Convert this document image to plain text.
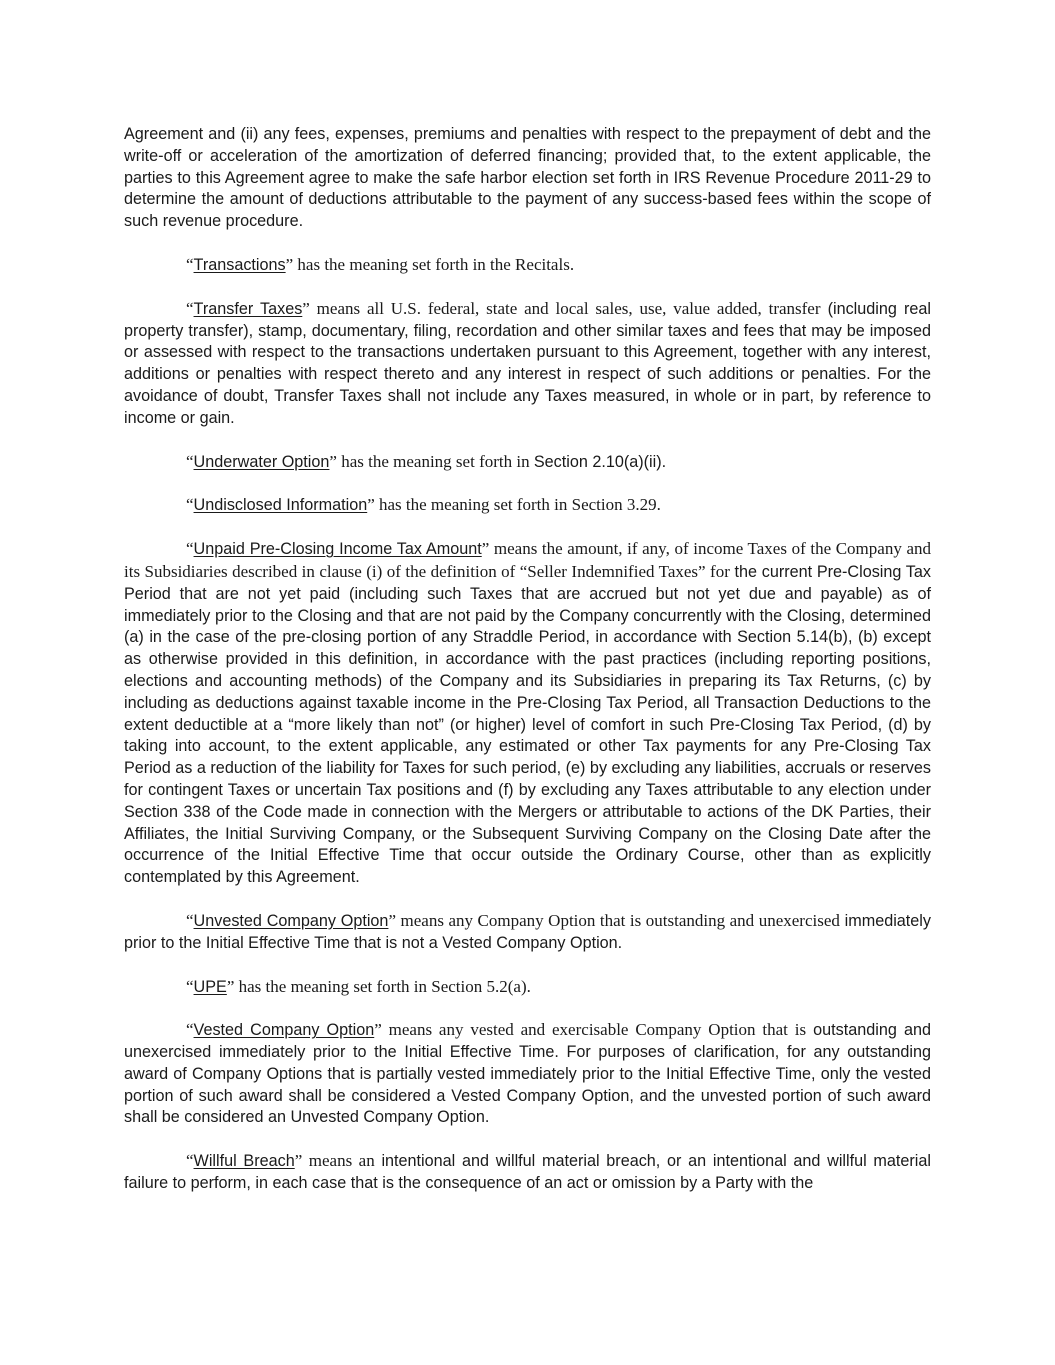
Agreement and (ii) any fees, expenses, premiums and penalties with respect to the prepayment of debt and the write-off or acceleration of the amortization of deferred financing; provided that, to the extent applicable, the parties to this Agreement agree to make the safe harbor election set forth in IRS Revenue Procedure 2011-29 to determine the amount of deductions attributable to the payment of any success-based fees within the scope of such revenue procedure.

“Transactions” has the meaning set forth in the Recitals.

“Transfer Taxes” means all U.S. federal, state and local sales, use, value added, transfer (including real property transfer), stamp, documentary, filing, recordation and other similar taxes and fees that may be imposed or assessed with respect to the transactions undertaken pursuant to this Agreement, together with any interest, additions or penalties with respect thereto and any interest in respect of such additions or penalties. For the avoidance of doubt, Transfer Taxes shall not include any Taxes measured, in whole or in part, by reference to income or gain.

“Underwater Option” has the meaning set forth in Section 2.10(a)(ii).

“Undisclosed Information” has the meaning set forth in Section 3.29.

“Unpaid Pre-Closing Income Tax Amount” means the amount, if any, of income Taxes of the Company and its Subsidiaries described in clause (i) of the definition of “Seller Indemnified Taxes” for the current Pre-Closing Tax Period that are not yet paid (including such Taxes that are accrued but not yet due and payable) as of immediately prior to the Closing and that are not paid by the Company concurrently with the Closing, determined (a) in the case of the pre-closing portion of any Straddle Period, in accordance with Section 5.14(b), (b) except as otherwise provided in this definition, in accordance with the past practices (including reporting positions, elections and accounting methods) of the Company and its Subsidiaries in preparing its Tax Returns, (c) by including as deductions against taxable income in the Pre-Closing Tax Period, all Transaction Deductions to the extent deductible at a “more likely than not” (or higher) level of comfort in such Pre-Closing Tax Period, (d) by taking into account, to the extent applicable, any estimated or other Tax payments for any Pre-Closing Tax Period as a reduction of the liability for Taxes for such period, (e) by excluding any liabilities, accruals or reserves for contingent Taxes or uncertain Tax positions and (f) by excluding any Taxes attributable to any election under Section 338 of the Code made in connection with the Mergers or attributable to actions of the DK Parties, their Affiliates, the Initial Surviving Company, or the Subsequent Surviving Company on the Closing Date after the occurrence of the Initial Effective Time that occur outside the Ordinary Course, other than as explicitly contemplated by this Agreement.

“Unvested Company Option” means any Company Option that is outstanding and unexercised immediately prior to the Initial Effective Time that is not a Vested Company Option.

“UPE” has the meaning set forth in Section 5.2(a).

“Vested Company Option” means any vested and exercisable Company Option that is outstanding and unexercised immediately prior to the Initial Effective Time. For purposes of clarification, for any outstanding award of Company Options that is partially vested immediately prior to the Initial Effective Time, only the vested portion of such award shall be considered a Vested Company Option, and the unvested portion of such award shall be considered an Unvested Company Option.

“Willful Breach” means an intentional and willful material breach, or an intentional and willful material failure to perform, in each case that is the consequence of an act or omission by a Party with the
